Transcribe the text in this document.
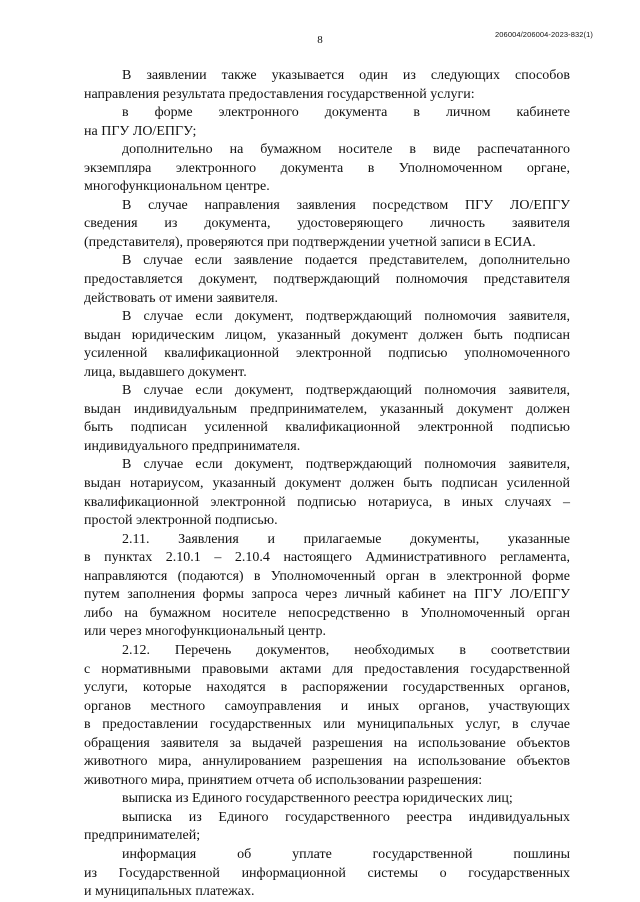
8	206004/206004-2023-832(1)
В заявлении также указывается один из следующих способов
направления результата предоставления государственной услуги:
в форме электронного документа в личном кабинете
на ПГУ ЛО/ЕПГУ;
дополнительно на бумажном носителе в виде распечатанного
экземпляра электронного документа в Уполномоченном органе,
многофункциональном центре.
В случае направления заявления посредством ПГУ ЛО/ЕПГУ
сведения из документа, удостоверяющего личность заявителя
(представителя), проверяются при подтверждении учетной записи в ЕСИА.
В случае если заявление подается представителем, дополнительно
предоставляется документ, подтверждающий полномочия представителя
действовать от имени заявителя.
В случае если документ, подтверждающий полномочия заявителя,
выдан юридическим лицом, указанный документ должен быть подписан
усиленной квалификационной электронной подписью уполномоченного
лица, выдавшего документ.
В случае если документ, подтверждающий полномочия заявителя,
выдан индивидуальным предпринимателем, указанный документ должен
быть подписан усиленной квалификационной электронной подписью
индивидуального предпринимателя.
В случае если документ, подтверждающий полномочия заявителя,
выдан нотариусом, указанный документ должен быть подписан усиленной
квалификационной электронной подписью нотариуса, в иных случаях –
простой электронной подписью.
2.11. Заявления и прилагаемые документы, указанные
в пунктах 2.10.1 – 2.10.4 настоящего Административного регламента,
направляются (подаются) в Уполномоченный орган в электронной форме
путем заполнения формы запроса через личный кабинет на ПГУ ЛО/ЕПГУ
либо на бумажном носителе непосредственно в Уполномоченный орган
или через многофункциональный центр.
2.12. Перечень документов, необходимых в соответствии
с нормативными правовыми актами для предоставления государственной
услуги, которые находятся в распоряжении государственных органов,
органов местного самоуправления и иных органов, участвующих
в предоставлении государственных или муниципальных услуг, в случае
обращения заявителя за выдачей разрешения на использование объектов
животного мира, аннулированием разрешения на использование объектов
животного мира, принятием отчета об использовании разрешения:
выписка из Единого государственного реестра юридических лиц;
выписка из Единого государственного реестра индивидуальных
предпринимателей;
информация об уплате государственной пошлины
из Государственной информационной системы о государственных
и муниципальных платежах.
